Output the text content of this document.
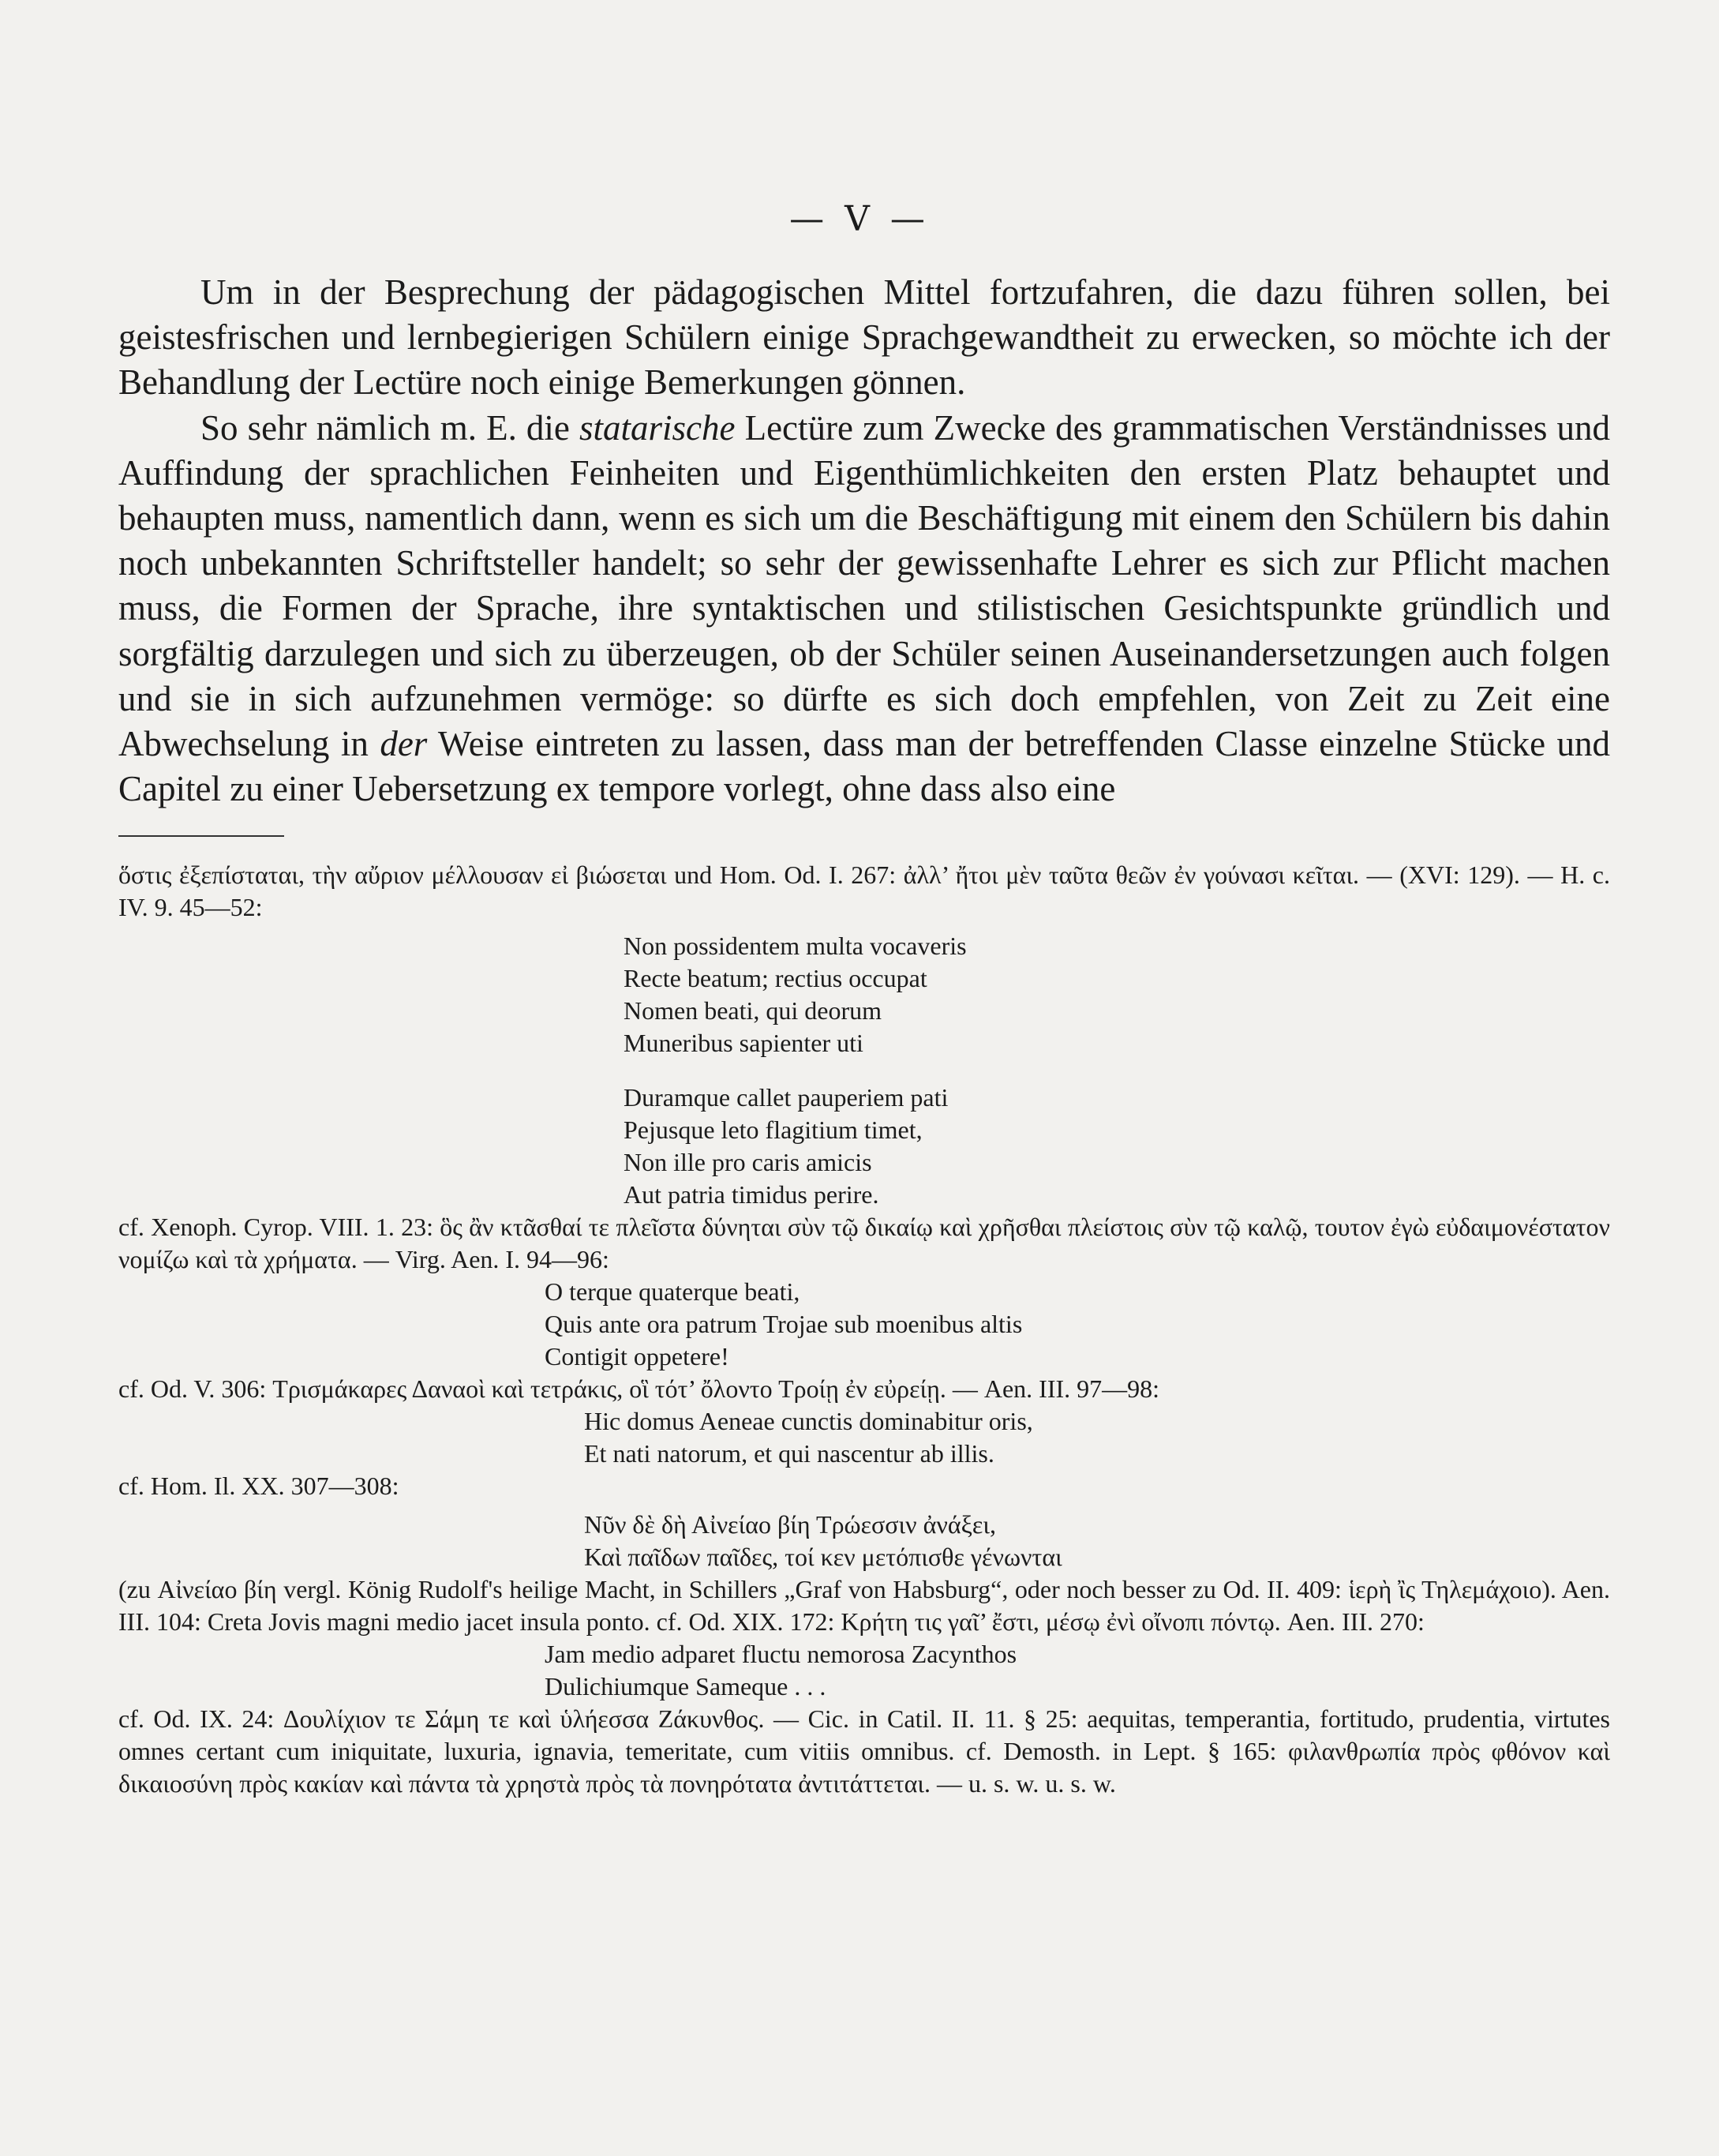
— V —

Um in der Besprechung der pädagogischen Mittel fortzufahren, die dazu führen sollen, bei geistesfrischen und lernbegierigen Schülern einige Sprachgewandtheit zu erwecken, so möchte ich der Behandlung der Lectüre noch einige Bemerkungen gönnen.

So sehr nämlich m. E. die statarische Lectüre zum Zwecke des grammatischen Verständnisses und Auffindung der sprachlichen Feinheiten und Eigenthümlichkeiten den ersten Platz behauptet und behaupten muss, namentlich dann, wenn es sich um die Beschäftigung mit einem den Schülern bis dahin noch unbekannten Schriftsteller handelt; so sehr der gewissenhafte Lehrer es sich zur Pflicht machen muss, die Formen der Sprache, ihre syntaktischen und stilistischen Gesichtspunkte gründlich und sorgfältig darzulegen und sich zu überzeugen, ob der Schüler seinen Auseinandersetzungen auch folgen und sie in sich aufzunehmen vermöge: so dürfte es sich doch empfehlen, von Zeit zu Zeit eine Abwechselung in der Weise eintreten zu lassen, dass man der betreffenden Classe einzelne Stücke und Capitel zu einer Uebersetzung ex tempore vorlegt, ohne dass also eine

ὅστις ἐξεπίσταται, τὴν αὔριον μέλλουσαν εἰ βιώσεται und Hom. Od. I. 267: ἀλλ’ ἤτοι μὲν ταῦτα θεῶν ἐν γούνασι κεῖται. — (XVI: 129). — H. c. IV. 9. 45—52:

Non possidentem multa vocaveris
Recte beatum; rectius occupat
Nomen beati, qui deorum
Muneribus sapienter uti
Duramque callet pauperiem pati
Pejusque leto flagitium timet,
Non ille pro caris amicis
Aut patria timidus perire.

cf. Xenoph. Cyrop. VIII. 1. 23: ὃς ἂν κτᾶσθαί τε πλεῖστα δύνηται σὺν τῷ δικαίῳ καὶ χρῆσθαι πλείστοις σὺν τῷ καλῷ, τουτον ἐγὼ εὐδαιμονέστατον νομίζω καὶ τὰ χρήματα. — Virg. Aen. I. 94—96:

O terque quaterque beati,
Quis ante ora patrum Trojae sub moenibus altis
Contigit oppetere!

cf. Od. V. 306: Τρισμάκαρες Δαναοὶ καὶ τετράκις, οἳ τότ’ ὄλοντο Τροίῃ ἐν εὐρείῃ. — Aen. III. 97—98:

Hic domus Aeneae cunctis dominabitur oris,
Et nati natorum, et qui nascentur ab illis.

cf. Hom. Il. XX. 307—308:

Νῦν δὲ δὴ Αἰνείαο βίη Τρώεσσιν ἀνάξει,
Καὶ παῖδων παῖδες, τοί κεν μετόπισθε γένωνται

(zu Αἰνείαο βίη vergl. König Rudolf's heilige Macht, in Schillers „Graf von Habsburg“, oder noch besser zu Od. II. 409: ἱερὴ ἲς Τηλεμάχοιο). Aen. III. 104: Creta Jovis magni medio jacet insula ponto. cf. Od. XIX. 172: Κρήτη τις γαῖ’ ἔστι, μέσῳ ἐνὶ οἴνοπι πόντῳ. Aen. III. 270:

Jam medio adparet fluctu nemorosa Zacynthos
Dulichiumque Sameque . . .

cf. Od. IX. 24: Δουλίχιον τε Σάμη τε καὶ ὑλήεσσα Ζάκυνθος. — Cic. in Catil. II. 11. § 25: aequitas, temperantia, fortitudo, prudentia, virtutes omnes certant cum iniquitate, luxuria, ignavia, temeritate, cum vitiis omnibus. cf. Demosth. in Lept. § 165: φιλανθρωπία πρὸς φθόνον καὶ δικαιοσύνη πρὸς κακίαν καὶ πάντα τὰ χρηστὰ πρὸς τὰ πονηρότατα ἀντιτάττεται. — u. s. w. u. s. w.
